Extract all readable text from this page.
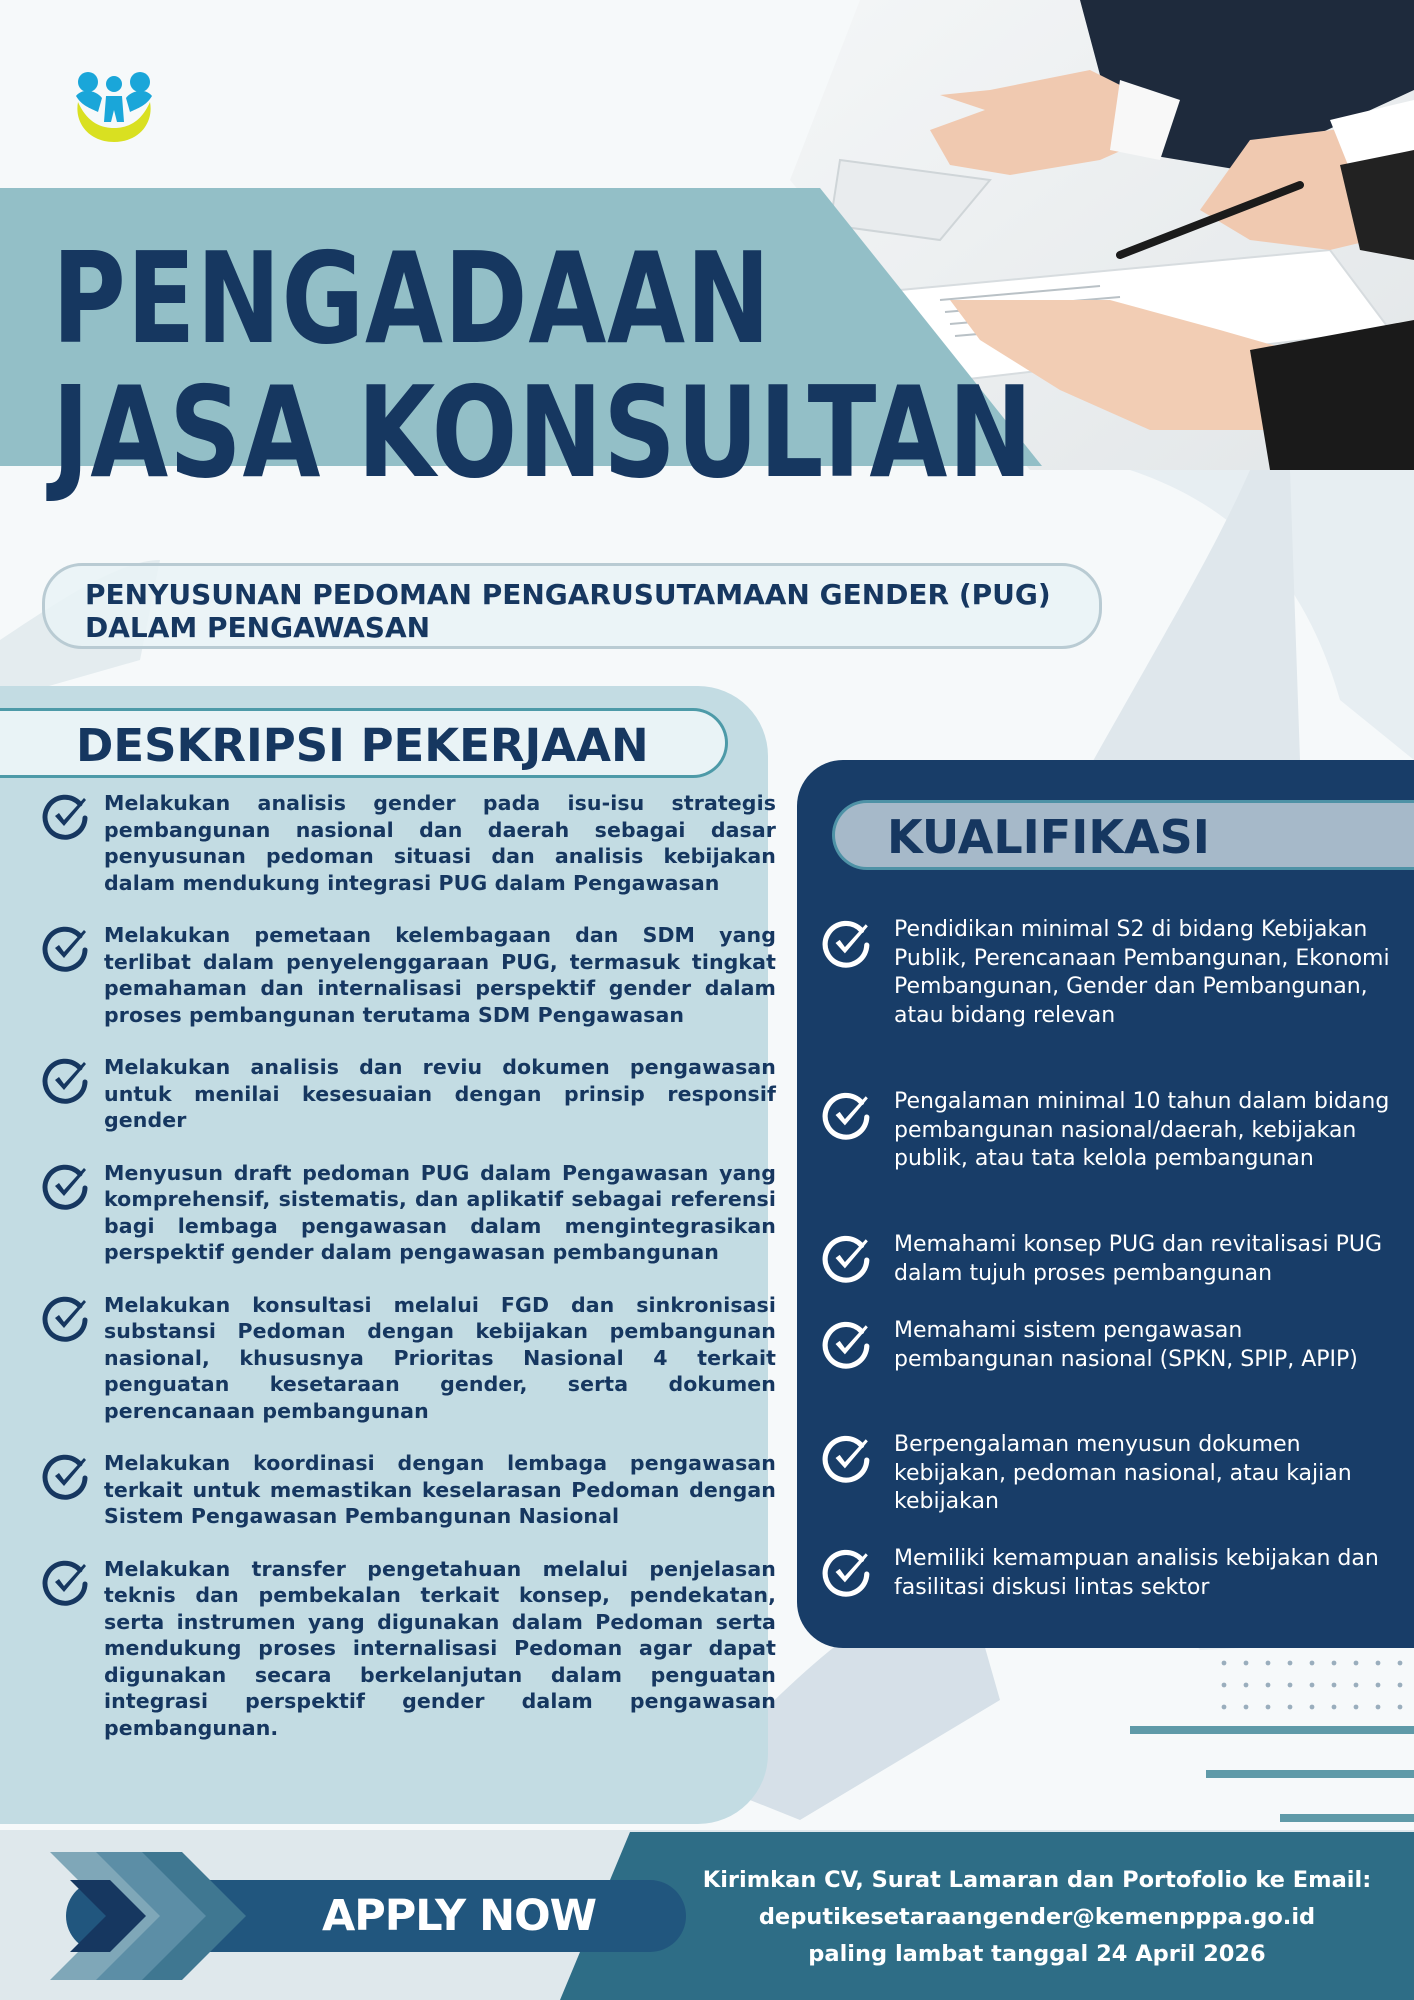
PENGADAAN
JASA KONSULTAN
PENYUSUNAN PEDOMAN PENGARUSUTAMAAN GENDER (PUG)
DALAM PENGAWASAN
DESKRIPSI PEKERJAAN

Melakukan analisis gender pada isu-isu strategis pembangunan nasional dan daerah sebagai dasar penyusunan pedoman situasi dan analisis kebijakan dalam mendukung integrasi PUG dalam Pengawasan

Melakukan pemetaan kelembagaan dan SDM yang terlibat dalam penyelenggaraan PUG, termasuk tingkat pemahaman dan internalisasi perspektif gender dalam proses pembangunan terutama SDM Pengawasan

Melakukan analisis dan reviu dokumen pengawasan untuk menilai kesesuaian dengan prinsip responsif gender

Menyusun draft pedoman PUG dalam Pengawasan yang komprehensif, sistematis, dan aplikatif sebagai referensi bagi lembaga pengawasan dalam mengintegrasikan perspektif gender dalam pengawasan pembangunan

Melakukan konsultasi melalui FGD dan sinkronisasi substansi Pedoman dengan kebijakan pembangunan nasional, khususnya Prioritas Nasional 4 terkait penguatan kesetaraan gender, serta dokumen perencanaan pembangunan

Melakukan koordinasi dengan lembaga pengawasan terkait untuk memastikan keselarasan Pedoman dengan Sistem Pengawasan Pembangunan Nasional

Melakukan transfer pengetahuan melalui penjelasan teknis dan pembekalan terkait konsep, pendekatan, serta instrumen yang digunakan dalam Pedoman serta mendukung proses internalisasi Pedoman agar dapat digunakan secara berkelanjutan dalam penguatan integrasi perspektif gender dalam pengawasan pembangunan.

KUALIFIKASI

Pendidikan minimal S2 di bidang Kebijakan Publik, Perencanaan Pembangunan, Ekonomi Pembangunan, Gender dan Pembangunan, atau bidang relevan

Pengalaman minimal 10 tahun dalam bidang pembangunan nasional/daerah, kebijakan publik, atau tata kelola pembangunan

Memahami konsep PUG dan revitalisasi PUG dalam tujuh proses pembangunan

Memahami sistem pengawasan pembangunan nasional (SPKN, SPIP, APIP)

Berpengalaman menyusun dokumen kebijakan, pedoman nasional, atau kajian kebijakan

Memiliki kemampuan analisis kebijakan dan fasilitasi diskusi lintas sektor

APPLY NOW
Kirimkan CV, Surat Lamaran dan Portofolio ke Email:
deputikesetaraangender@kemenpppa.go.id
paling lambat tanggal 24 April 2026
